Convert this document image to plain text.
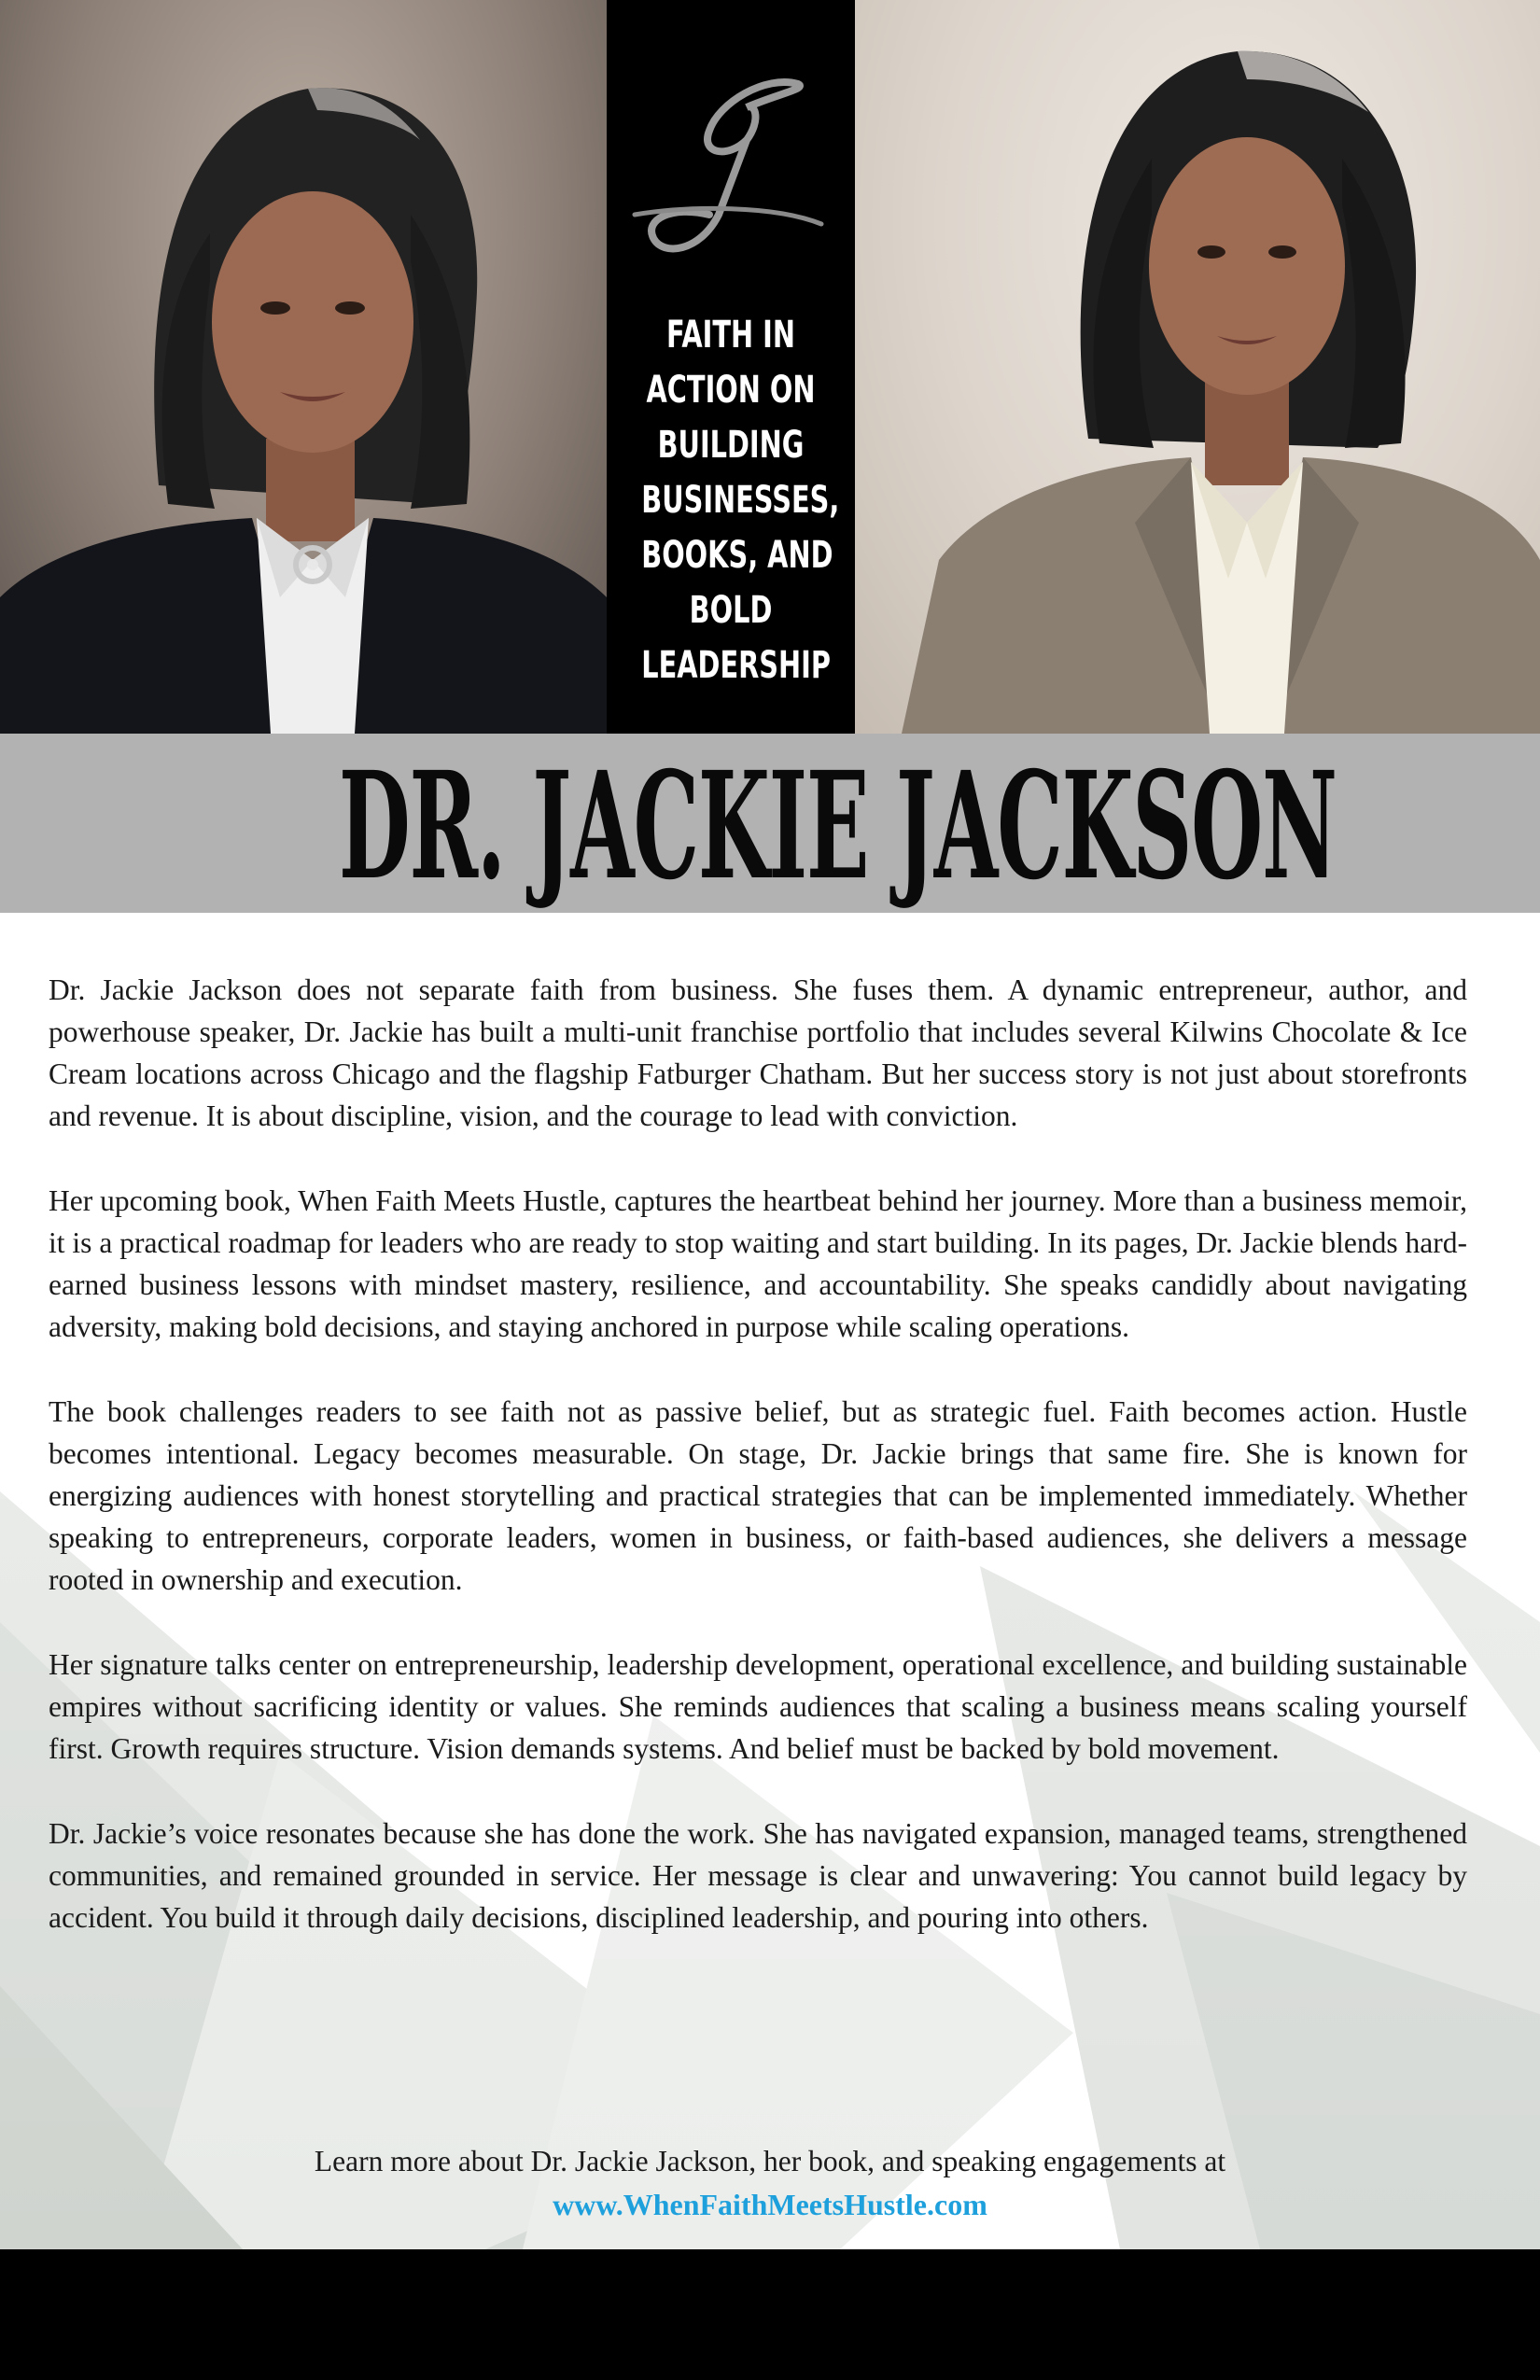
FAITH IN
ACTION ON
BUILDING
BUSINESSES,
BOOKS, AND
BOLD
LEADERSHIP
DR. JACKIE JACKSON

Dr. Jackie Jackson does not separate faith from business. She fuses them. A dynamic entrepreneur, author, and powerhouse speaker, Dr. Jackie has built a multi-unit franchise portfolio that includes several Kilwins Chocolate & Ice Cream locations across Chicago and the flagship Fatburger Chatham. But her success story is not just about storefronts and revenue. It is about discipline, vision, and the courage to lead with conviction.

Her upcoming book, When Faith Meets Hustle, captures the heartbeat behind her journey. More than a business memoir, it is a practical roadmap for leaders who are ready to stop waiting and start building. In its pages, Dr. Jackie blends hard-earned business lessons with mindset mastery, resilience, and accountability. She speaks candidly about navigating adversity, making bold decisions, and staying anchored in purpose while scaling operations.

The book challenges readers to see faith not as passive belief, but as strategic fuel. Faith becomes action. Hustle becomes intentional. Legacy becomes measurable. On stage, Dr. Jackie brings that same fire. She is known for energizing audiences with honest storytelling and practical strategies that can be implemented immediately. Whether speaking to entrepreneurs, corporate leaders, women in business, or faith-based audiences, she delivers a message rooted in ownership and execution.

Her signature talks center on entrepreneurship, leadership development, operational excellence, and building sustainable empires without sacrificing identity or values. She reminds audiences that scaling a business means scaling yourself first. Growth requires structure. Vision demands systems. And belief must be backed by bold movement.

Dr. Jackie’s voice resonates because she has done the work. She has navigated expansion, managed teams, strengthened communities, and remained grounded in service. Her message is clear and unwavering: You cannot build legacy by accident. You build it through daily decisions, disciplined leadership, and pouring into others.

Learn more about Dr. Jackie Jackson, her book, and speaking engagements at

www.WhenFaithMeetsHustle.com
